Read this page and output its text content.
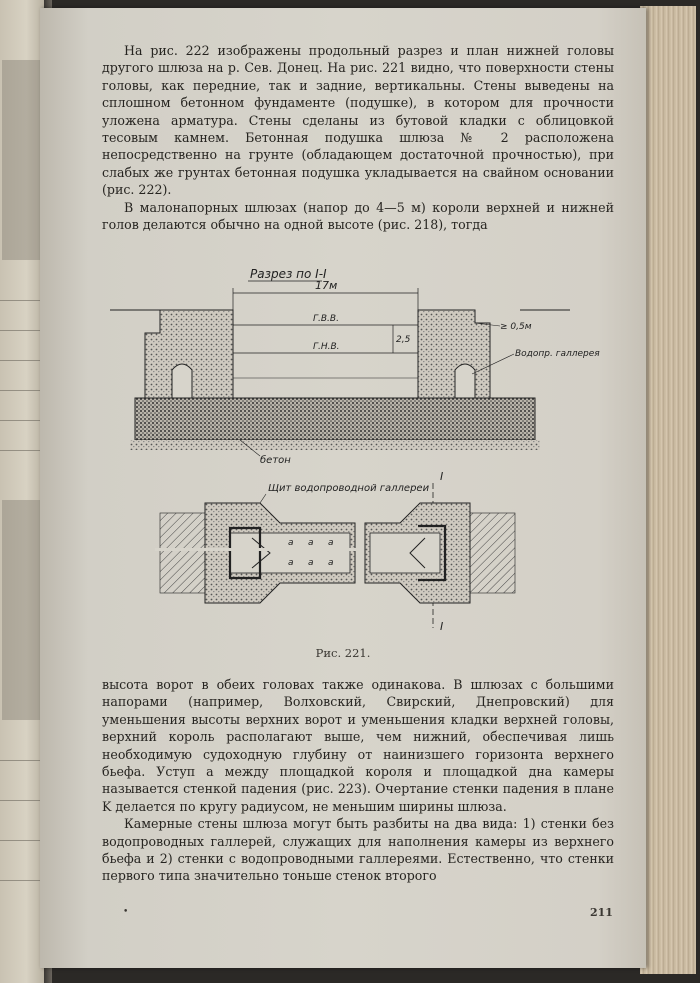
На рис. 222 изображены продольный разрез и план нижней головы другого шлюза на р. Сев. Донец. На рис. 221 видно, что поверхности стены головы, как передние, так и задние, вертикальны. Стены выведены на сплошном бетонном фундаменте (подушке), в котором для прочности уложена арматура. Стены сделаны из бутовой кладки с облицовкой тесовым камнем. Бетонная подушка шлюза № 2 расположена непосредственно на грунте (обладающем достаточной прочностью), при слабых же грунтах бетонная подушка укладывается на свайном основании (рис. 222).

В малонапорных шлюзах (напор до 4—5 м) короли верхней и нижней голов делаются обычно на одной высоте (рис. 218), тогда

Разрез по I-I
17м
Г.В.В.
Г.Н.В.
2,5
≥ 0,5м
Водопр. галлерея
бетон
I
I
Щит водопроводной галлереи
а а а
а а а
Рис. 221.

высота ворот в обеих головах также одинакова. В шлюзах с большими напорами (например, Волховский, Свирский, Днепровский) для уменьшения высоты верхних ворот и уменьшения кладки верхней головы, верхний король располагают выше, чем нижний, обеспечивая лишь необходимую судоходную глубину от наинизшего горизонта верхнего бьефа. Уступ a между площадкой короля и площадкой дна камеры называется стенкой падения (рис. 223). Очертание стенки падения в плане K делается по кругу радиусом, не меньшим ширины шлюза.

Камерные стены шлюза могут быть разбиты на два вида: 1) стенки без водопроводных галлерей, служащих для наполнения камеры из верхнего бьефа и 2) стенки с водопроводными галлереями. Естественно, что стенки первого типа значительно тоньше стенок второго

•	211
